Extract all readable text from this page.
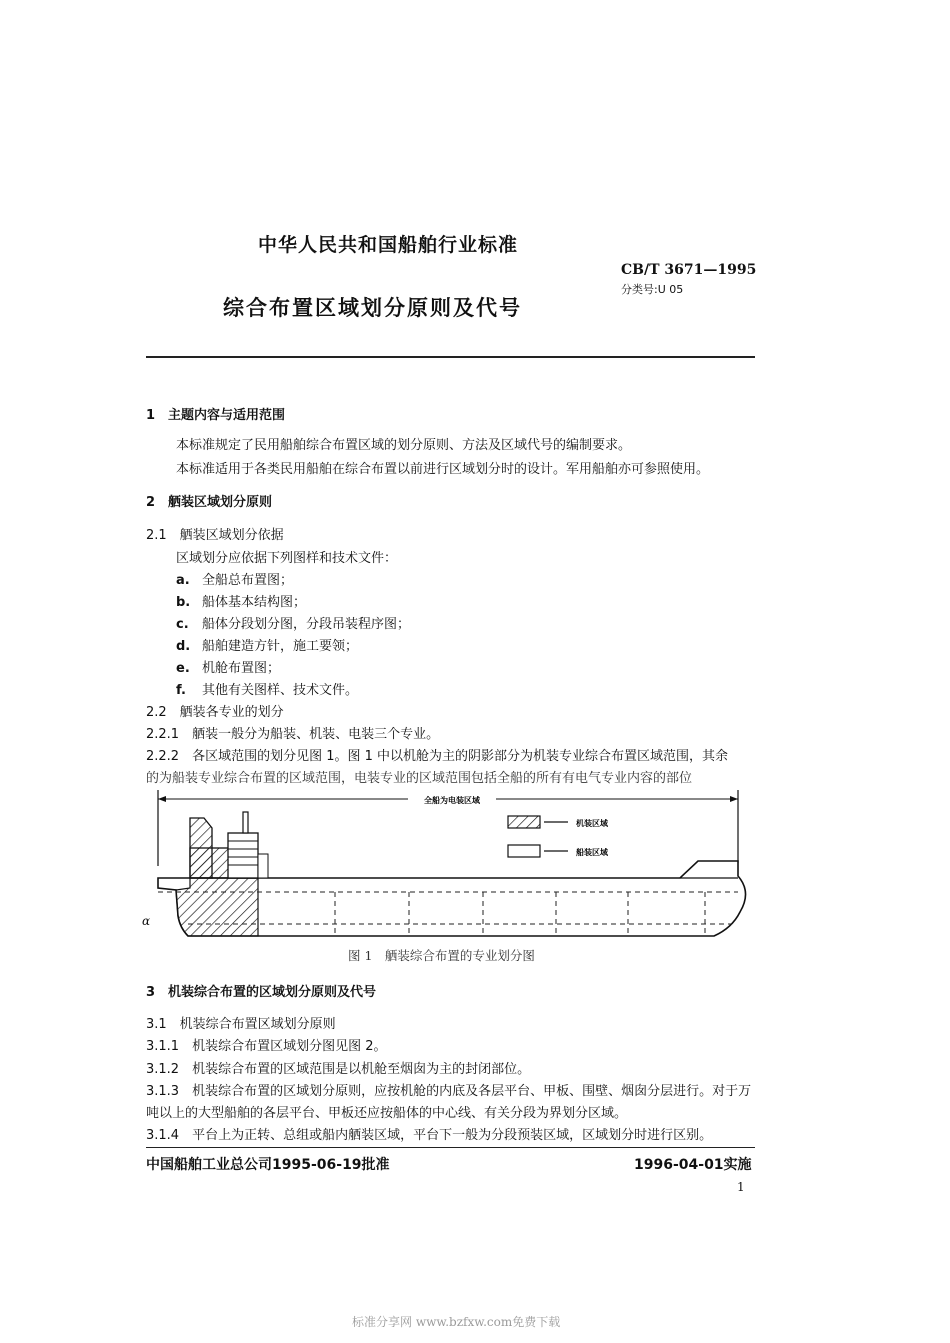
中华人民共和国船舶行业标准
CB/T 3671—1995
分类号:U 05
综合布置区域划分原则及代号
1　主题内容与适用范围
本标准规定了民用船舶综合布置区域的划分原则、方法及区域代号的编制要求。
本标准适用于各类民用船舶在综合布置以前进行区域划分时的设计。军用船舶亦可参照使用。
2　舾装区域划分原则
2.1　舾装区域划分依据
区域划分应依据下列图样和技术文件：
a. 全船总布置图；
b. 船体基本结构图；
c. 船体分段划分图，分段吊装程序图；
d. 船舶建造方针，施工要领；
e. 机舱布置图；
f. 其他有关图样、技术文件。
2.2　舾装各专业的划分
2.2.1　舾装一般分为船装、机装、电装三个专业。
2.2.2　各区域范围的划分见图 1。图 1 中以机舱为主的阴影部分为机装专业综合布置区域范围，其余
的为船装专业综合布置的区域范围，电装专业的区域范围包括全船的所有有电气专业内容的部位
全船为电装区域
机装区域
船装区域
α
图 1　舾装综合布置的专业划分图
3　机装综合布置的区域划分原则及代号
3.1　机装综合布置区域划分原则
3.1.1　机装综合布置区域划分图见图 2。
3.1.2　机装综合布置的区域范围是以机舱至烟囱为主的封闭部位。
3.1.3　机装综合布置的区域划分原则，应按机舱的内底及各层平台、甲板、围壁、烟囱分层进行。对于万
吨以上的大型船舶的各层平台、甲板还应按船体的中心线、有关分段为界划分区域。
3.1.4　平台上为正转、总组或船内舾装区域，平台下一般为分段预装区域，区域划分时进行区别。
中国船舶工业总公司1995-06-19批准	1996-04-01实施
1
标准分享网 www.bzfxw.com免费下载
